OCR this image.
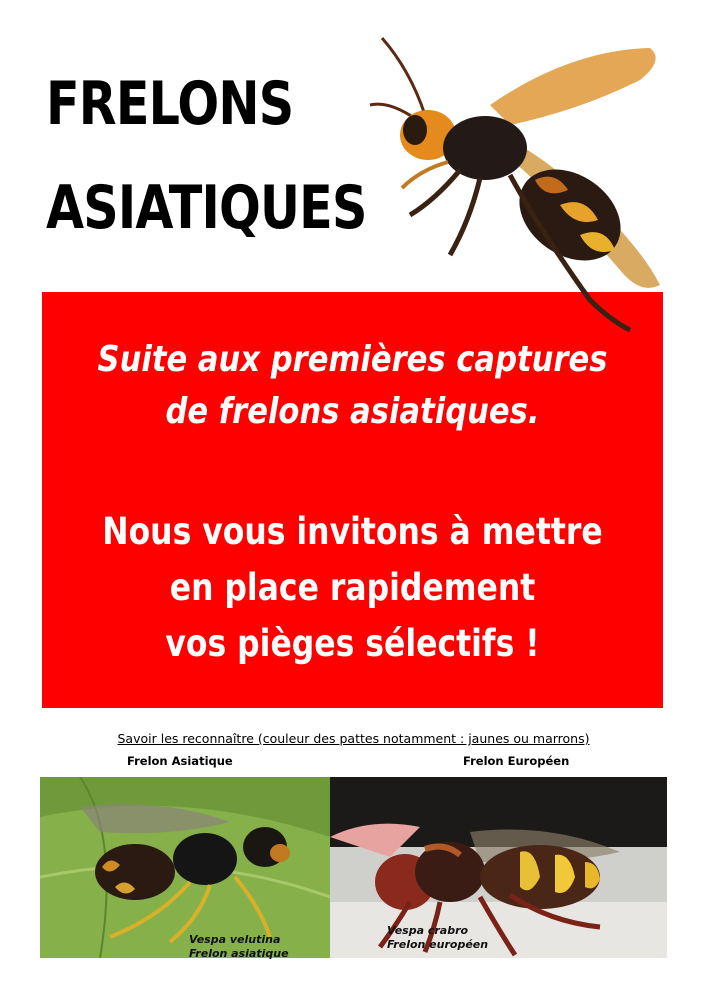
FRELONS
ASIATIQUES
Suite aux premières captures
de frelons asiatiques.
Nous vous invitons à mettre
en place rapidement
vos pièges sélectifs !
Savoir les reconnaître (couleur des pattes notamment : jaunes ou marrons)
Frelon Asiatique	Frelon Européen
Vespa velutina
Frelon asiatique
Vespa crabro
Frelon européen
